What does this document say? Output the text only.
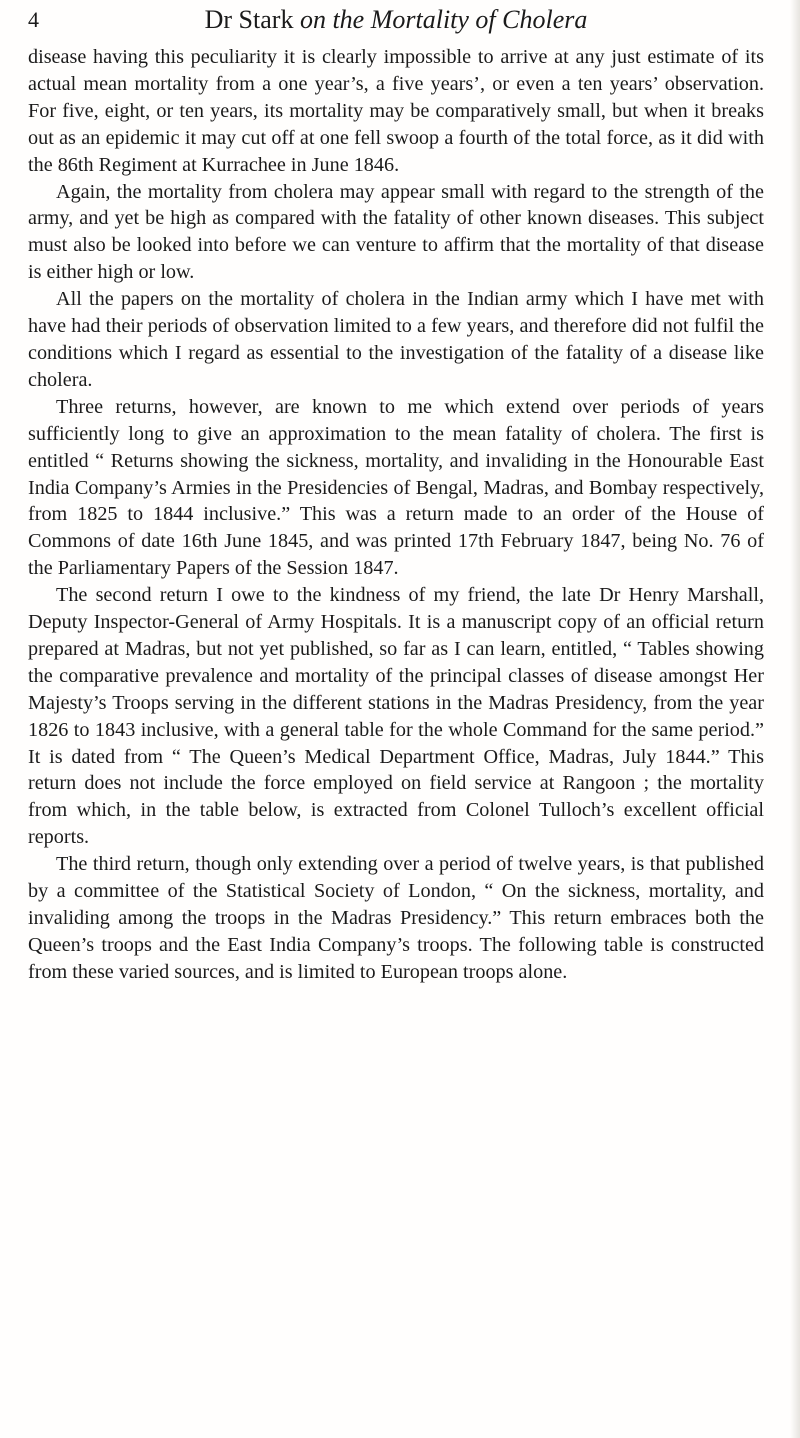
4	Dr Stark on the Mortality of Cholera

disease having this peculiarity it is clearly impossible to arrive at any just estimate of its actual mean mortality from a one year’s, a five years’, or even a ten years’ observation. For five, eight, or ten years, its mortality may be comparatively small, but when it breaks out as an epidemic it may cut off at one fell swoop a fourth of the total force, as it did with the 86th Regiment at Kurrachee in June 1846.

Again, the mortality from cholera may appear small with regard to the strength of the army, and yet be high as compared with the fatality of other known diseases. This subject must also be looked into before we can venture to affirm that the mortality of that disease is either high or low.

All the papers on the mortality of cholera in the Indian army which I have met with have had their periods of observation limited to a few years, and therefore did not fulfil the conditions which I regard as essential to the investigation of the fatality of a disease like cholera.

Three returns, however, are known to me which extend over periods of years sufficiently long to give an approximation to the mean fatality of cholera. The first is entitled “ Returns showing the sickness, mortality, and invaliding in the Honourable East India Company’s Armies in the Presidencies of Bengal, Madras, and Bombay respectively, from 1825 to 1844 inclusive.” This was a return made to an order of the House of Commons of date 16th June 1845, and was printed 17th February 1847, being No. 76 of the Parliamentary Papers of the Session 1847.

The second return I owe to the kindness of my friend, the late Dr Henry Marshall, Deputy Inspector-General of Army Hospitals. It is a manuscript copy of an official return prepared at Madras, but not yet published, so far as I can learn, entitled, “ Tables showing the comparative prevalence and mortality of the principal classes of disease amongst Her Majesty’s Troops serving in the different stations in the Madras Presidency, from the year 1826 to 1843 inclusive, with a general table for the whole Command for the same period.” It is dated from “ The Queen’s Medical Department Office, Madras, July 1844.” This return does not include the force employed on field service at Rangoon ; the mortality from which, in the table below, is extracted from Colonel Tulloch’s excellent official reports.

The third return, though only extending over a period of twelve years, is that published by a committee of the Statistical Society of London, “ On the sickness, mortality, and invaliding among the troops in the Madras Presidency.” This return embraces both the Queen’s troops and the East India Company’s troops. The following table is constructed from these varied sources, and is limited to European troops alone.
